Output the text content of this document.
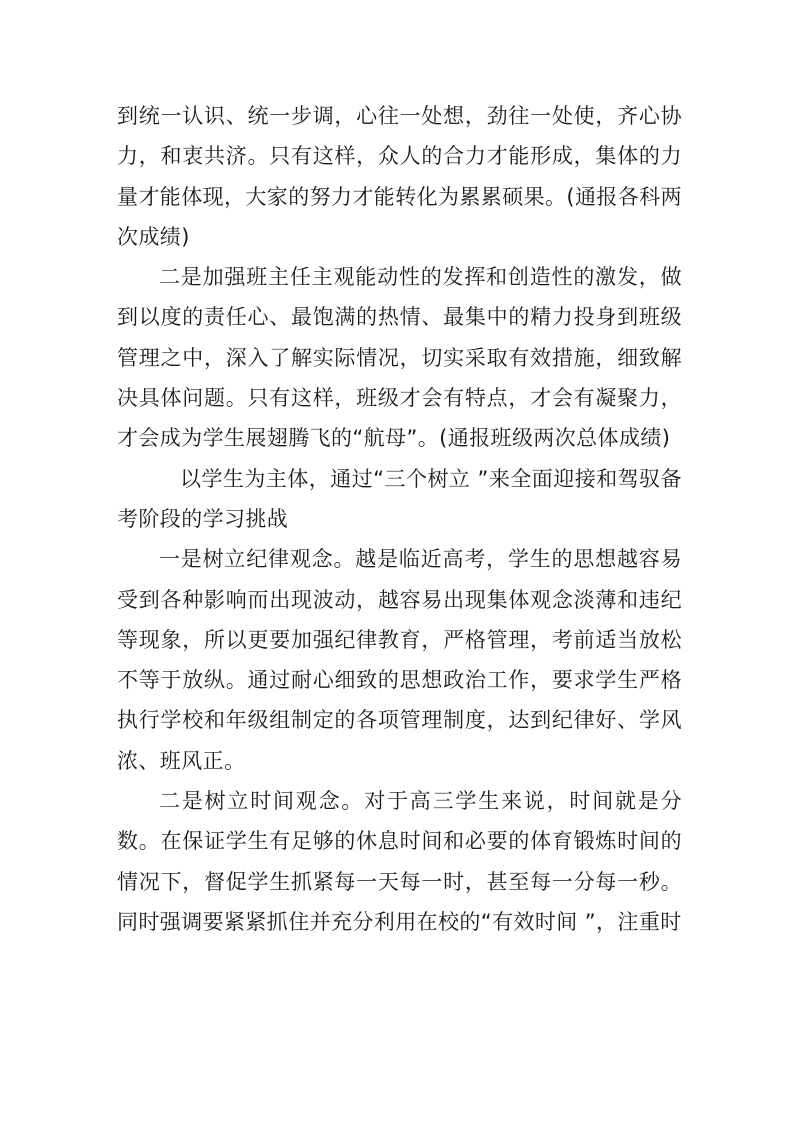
到统一认识、统一步调，心往一处想，劲往一处使，齐心协力，和衷共济。只有这样，众人的合力才能形成，集体的力量才能体现，大家的努力才能转化为累累硕果。(通报各科两次成绩)

二是加强班主任主观能动性的发挥和创造性的激发，做到以度的责任心、最饱满的热情、最集中的精力投身到班级管理之中，深入了解实际情况，切实采取有效措施，细致解决具体问题。只有这样，班级才会有特点，才会有凝聚力，才会成为学生展翅腾飞的“航母”。(通报班级两次总体成绩)

以学生为主体，通过“三个树立 ”来全面迎接和驾驭备考阶段的学习挑战

一是树立纪律观念。越是临近高考，学生的思想越容易受到各种影响而出现波动，越容易出现集体观念淡薄和违纪等现象，所以更要加强纪律教育，严格管理，考前适当放松不等于放纵。通过耐心细致的思想政治工作，要求学生严格执行学校和年级组制定的各项管理制度，达到纪律好、学风浓、班风正。

二是树立时间观念。对于高三学生来说，时间就是分数。在保证学生有足够的休息时间和必要的体育锻炼时间的情况下，督促学生抓紧每一天每一时，甚至每一分每一秒。同时强调要紧紧抓住并充分利用在校的“有效时间 ”，注重时
